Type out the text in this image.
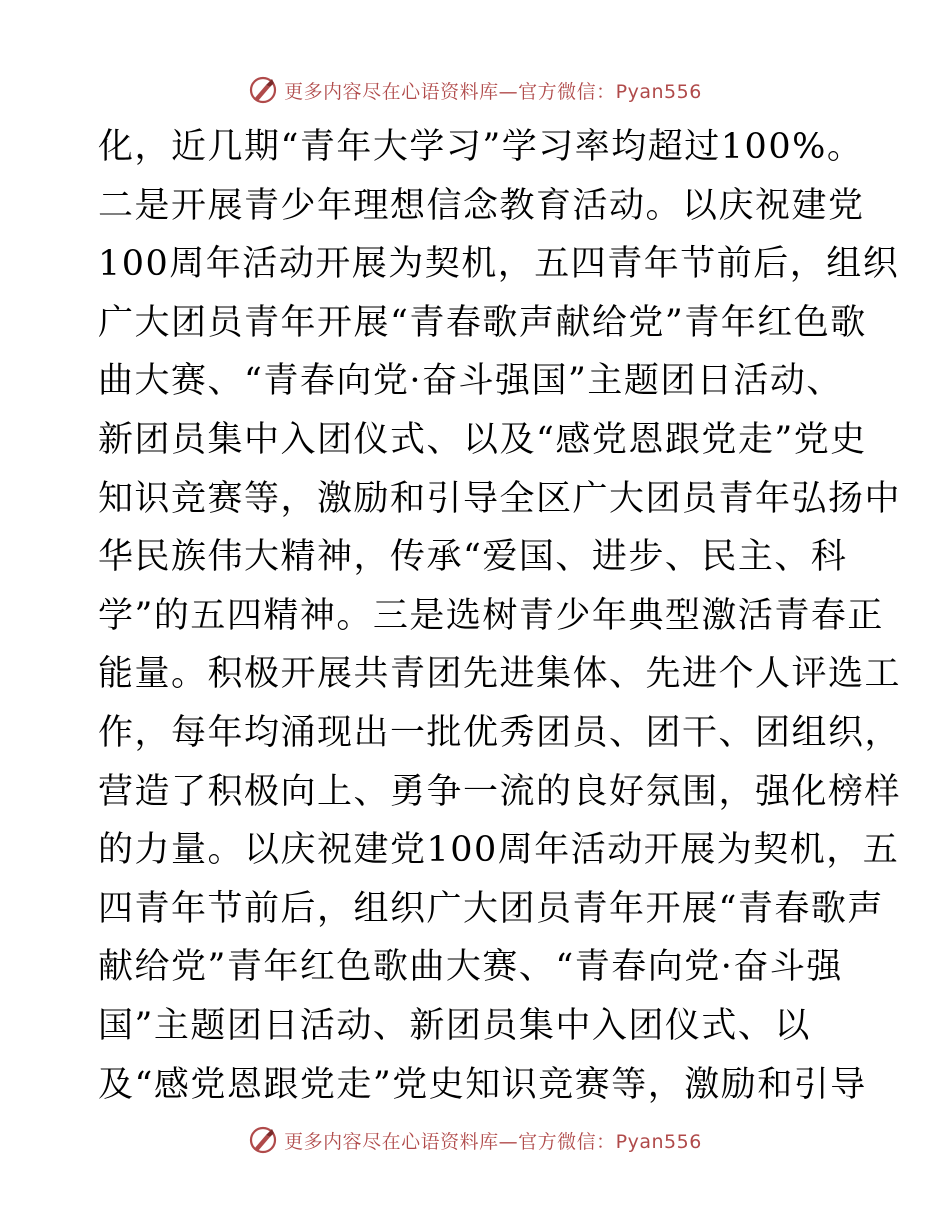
更多内容尽在心语资料库—官方微信：Pyan556
化，近几期“青年大学习”学习率均超过100%。
二是开展青少年理想信念教育活动。以庆祝建党
100周年活动开展为契机，五四青年节前后，组织
广大团员青年开展“青春歌声献给党”青年红色歌
曲大赛、“青春向党·奋斗强国”主题团日活动、
新团员集中入团仪式、以及“感党恩跟党走”党史
知识竞赛等，激励和引导全区广大团员青年弘扬中
华民族伟大精神，传承“爱国、进步、民主、科
学”的五四精神。三是选树青少年典型激活青春正
能量。积极开展共青团先进集体、先进个人评选工
作，每年均涌现出一批优秀团员、团干、团组织，
营造了积极向上、勇争一流的良好氛围，强化榜样
的力量。以庆祝建党100周年活动开展为契机，五
四青年节前后，组织广大团员青年开展“青春歌声
献给党”青年红色歌曲大赛、“青春向党·奋斗强
国”主题团日活动、新团员集中入团仪式、以
及“感党恩跟党走”党史知识竞赛等，激励和引导
更多内容尽在心语资料库—官方微信：Pyan556
